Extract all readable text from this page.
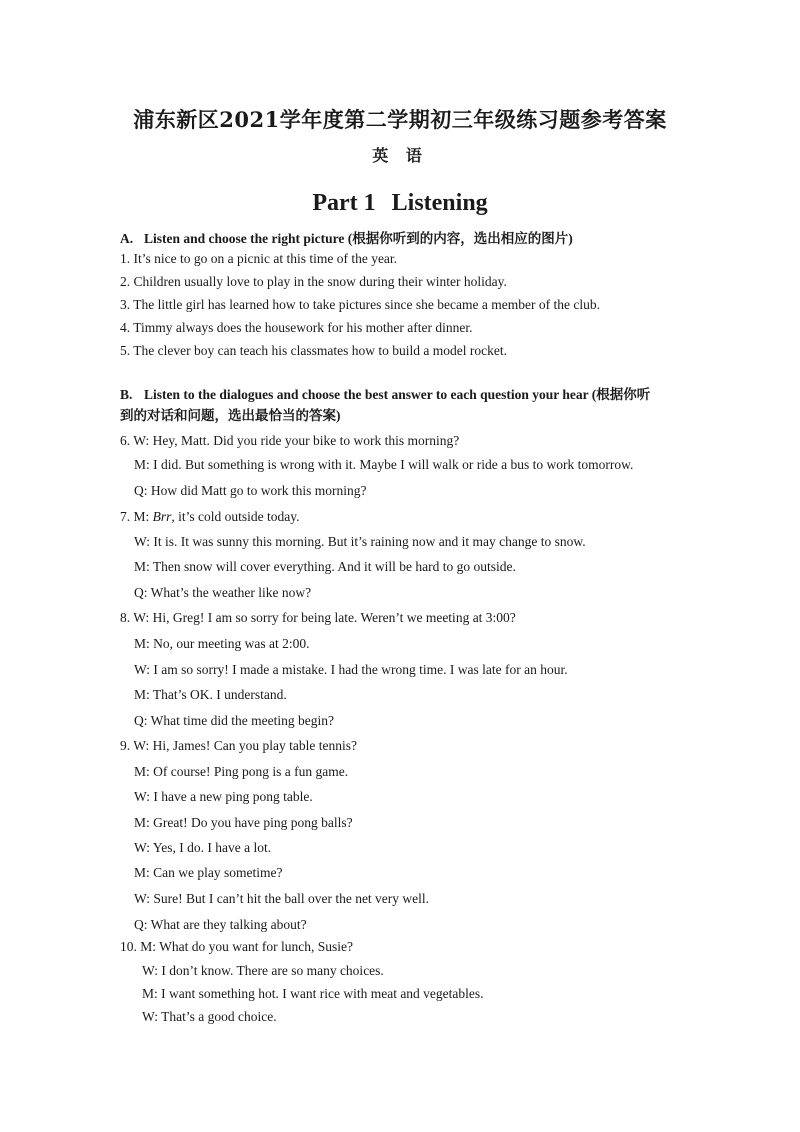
浦东新区2021学年度第二学期初三年级练习题参考答案
英 语
Part 1 Listening
A. Listen and choose the right picture (根据你听到的内容，选出相应的图片)
1. It’s nice to go on a picnic at this time of the year.
2. Children usually love to play in the snow during their winter holiday.
3. The little girl has learned how to take pictures since she became a member of the club.
4. Timmy always does the housework for his mother after dinner.
5. The clever boy can teach his classmates how to build a model rocket.
B. Listen to the dialogues and choose the best answer to each question your hear (根据你听
到的对话和问题，选出最恰当的答案)
6. W: Hey, Matt. Did you ride your bike to work this morning?
M: I did. But something is wrong with it. Maybe I will walk or ride a bus to work tomorrow.
Q: How did Matt go to work this morning?
7. M: Brr, it’s cold outside today.
W: It is. It was sunny this morning. But it’s raining now and it may change to snow.
M: Then snow will cover everything. And it will be hard to go outside.
Q: What’s the weather like now?
8. W: Hi, Greg! I am so sorry for being late. Weren’t we meeting at 3:00?
M: No, our meeting was at 2:00.
W: I am so sorry! I made a mistake. I had the wrong time. I was late for an hour.
M: That’s OK. I understand.
Q: What time did the meeting begin?
9. W: Hi, James! Can you play table tennis?
M: Of course! Ping pong is a fun game.
W: I have a new ping pong table.
M: Great! Do you have ping pong balls?
W: Yes, I do. I have a lot.
M: Can we play sometime?
W: Sure! But I can’t hit the ball over the net very well.
Q: What are they talking about?
10. M: What do you want for lunch, Susie?
W: I don’t know. There are so many choices.
M: I want something hot. I want rice with meat and vegetables.
W: That’s a good choice.
